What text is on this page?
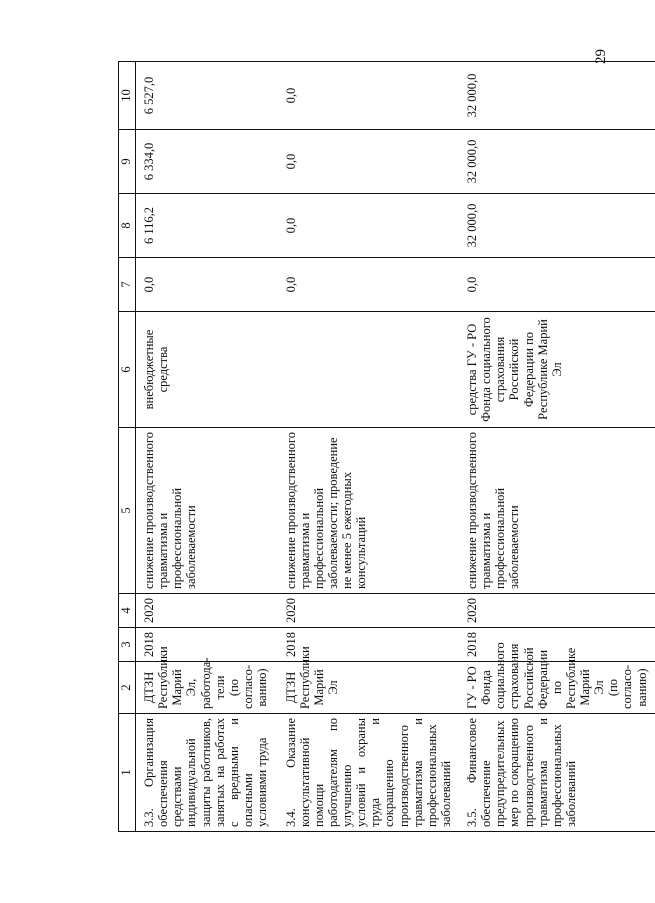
29
1	2	3	4	5	6	7	8	9	10
3.3. Организация обеспечения средствами индивидуальной защиты работников, занятых на работах с вредными и опасными условиями труда	ДТЗН Республики Марий Эл,
работода-
тели
(по согласо-
ванию)	2018	2020	снижение производственного травматизма и профессиональной заболеваемости	внебюджетные средства	0,0	6 116,2	6 334,0	6 527,0
3.4. Оказание консультативной помощи работодателям по улучшению условий и охраны труда и сокращению производственного травматизма и профессиональных заболеваний	ДТЗН Республики Марий Эл	2018	2020	снижение производственного травматизма и профессиональной заболеваемости; проведение не менее 5 ежегодных консультаций		0,0	0,0	0,0	0,0
3.5. Финансовое обеспечение предупредительных мер по сокращению производственного травматизма и профессиональных заболеваний	ГУ - РО Фонда социального страхования Российской Федерации по Республике Марий Эл
(по согласо-
ванию)	2018	2020	снижение производственного травматизма и профессиональной заболеваемости	средства ГУ - РО Фонда социального страхования Российской Федерации по Республике Марий Эл	0,0	32 000,0	32 000,0	32 000,0
